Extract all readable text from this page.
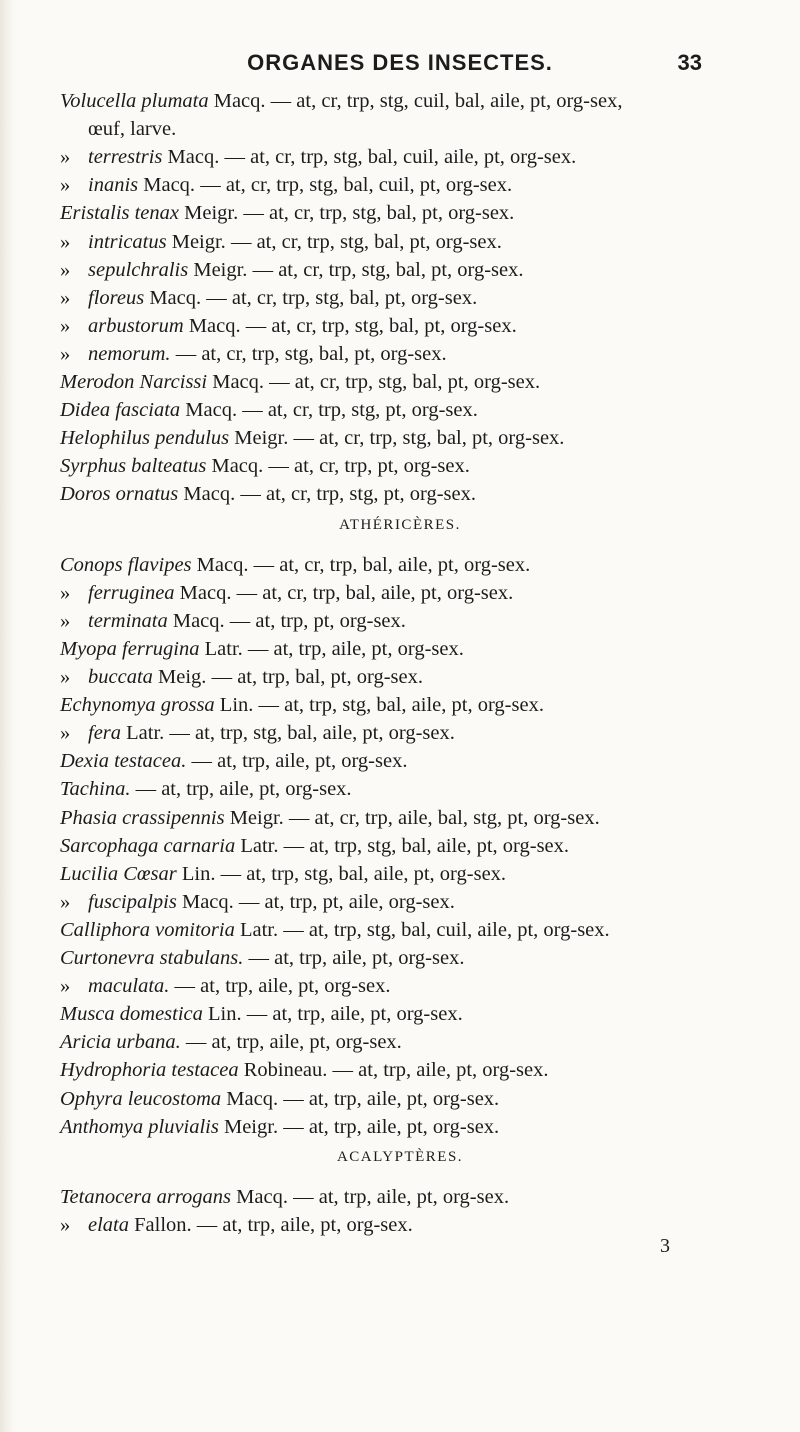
ORGANES DES INSECTES.	33
Volucella plumata Macq. — at, cr, trp, stg, cuil, bal, aile, pt, org-sex,
œuf, larve.
» terrestris Macq. — at, cr, trp, stg, bal, cuil, aile, pt, org-sex.
» inanis Macq. — at, cr, trp, stg, bal, cuil, pt, org-sex.
Eristalis tenax Meigr. — at, cr, trp, stg, bal, pt, org-sex.
» intricatus Meigr. — at, cr, trp, stg, bal, pt, org-sex.
» sepulchralis Meigr. — at, cr, trp, stg, bal, pt, org-sex.
» floreus Macq. — at, cr, trp, stg, bal, pt, org-sex.
» arbustorum Macq. — at, cr, trp, stg, bal, pt, org-sex.
» nemorum. — at, cr, trp, stg, bal, pt, org-sex.
Merodon Narcissi Macq. — at, cr, trp, stg, bal, pt, org-sex.
Didea fasciata Macq. — at, cr, trp, stg, pt, org-sex.
Helophilus pendulus Meigr. — at, cr, trp, stg, bal, pt, org-sex.
Syrphus balteatus Macq. — at, cr, trp, pt, org-sex.
Doros ornatus Macq. — at, cr, trp, stg, pt, org-sex.
ATHÉRICÈRES.
Conops flavipes Macq. — at, cr, trp, bal, aile, pt, org-sex.
» ferruginea Macq. — at, cr, trp, bal, aile, pt, org-sex.
» terminata Macq. — at, trp, pt, org-sex.
Myopa ferrugina Latr. — at, trp, aile, pt, org-sex.
» buccata Meig. — at, trp, bal, pt, org-sex.
Echynomya grossa Lin. — at, trp, stg, bal, aile, pt, org-sex.
» fera Latr. — at, trp, stg, bal, aile, pt, org-sex.
Dexia testacea. — at, trp, aile, pt, org-sex.
Tachina. — at, trp, aile, pt, org-sex.
Phasia crassipennis Meigr. — at, cr, trp, aile, bal, stg, pt, org-sex.
Sarcophaga carnaria Latr. — at, trp, stg, bal, aile, pt, org-sex.
Lucilia Cœsar Lin. — at, trp, stg, bal, aile, pt, org-sex.
» fuscipalpis Macq. — at, trp, pt, aile, org-sex.
Calliphora vomitoria Latr. — at, trp, stg, bal, cuil, aile, pt, org-sex.
Curtonevra stabulans. — at, trp, aile, pt, org-sex.
» maculata. — at, trp, aile, pt, org-sex.
Musca domestica Lin. — at, trp, aile, pt, org-sex.
Aricia urbana. — at, trp, aile, pt, org-sex.
Hydrophoria testacea Robineau. — at, trp, aile, pt, org-sex.
Ophyra leucostoma Macq. — at, trp, aile, pt, org-sex.
Anthomya pluvialis Meigr. — at, trp, aile, pt, org-sex.
ACALYPTÈRES.
Tetanocera arrogans Macq. — at, trp, aile, pt, org-sex.
» elata Fallon. — at, trp, aile, pt, org-sex.
3
